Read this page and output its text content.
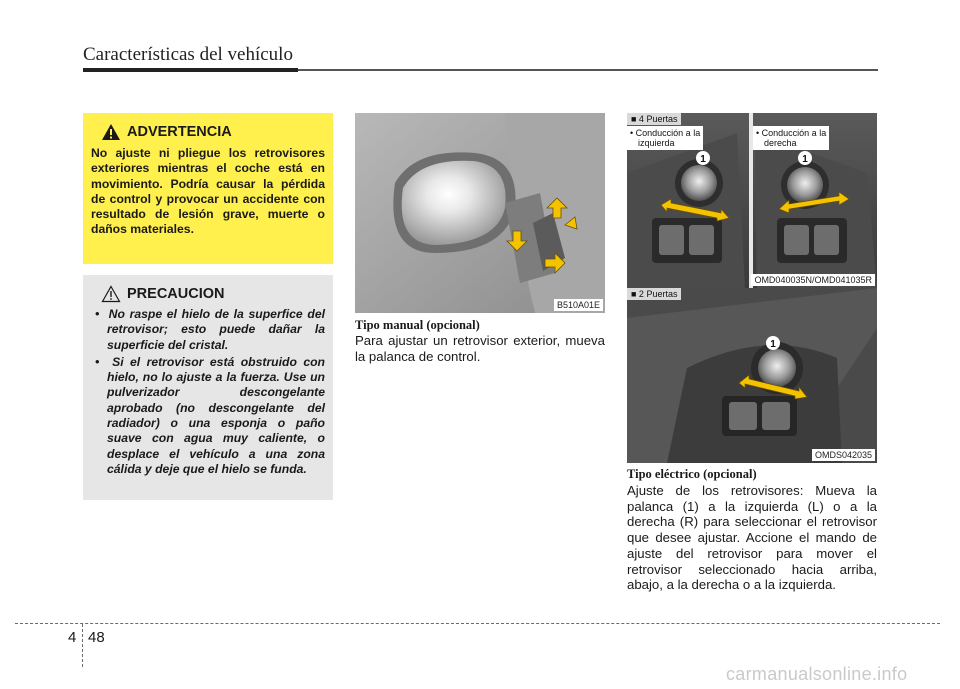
Características del vehículo
ADVERTENCIA
No ajuste ni pliegue los retrovisores exteriores mientras el coche está en movimiento. Podría causar la pérdida de control y provocar un accidente con resultado de lesión grave, muerte o daños materiales.
PRECAUCION
•  No raspe el hielo de la superfice del retrovisor; esto puede dañar la superficie del cristal.
•  Si el retrovisor está obstruido con hielo, no lo ajuste a la fuerza. Use un pulverizador descongelante aprobado (no descongelante del radiador) o una esponja o paño suave con agua muy caliente, o desplace el vehículo a una zona cálida y deje que el hielo se funda.
B510A01E
Tipo manual (opcional)
Para ajustar un retrovisor exterior, mueva la palanca de control.
1	1
■ 4 Puertas
• Conducción a la
izquierda
• Conducción a la
derecha
OMD040035N/OMD041035R
1
■ 2 Puertas
OMDS042035
Tipo eléctrico (opcional)
Ajuste de los retrovisores: Mueva la palanca (1) a la izquierda (L) o a la derecha (R) para seleccionar el retrovisor que desee ajustar. Accione el mando de ajuste del retrovisor para mover el retrovisor seleccionado hacia arriba, abajo, a la derecha o a la izquierda.
4 48
carmanualsonline.info
